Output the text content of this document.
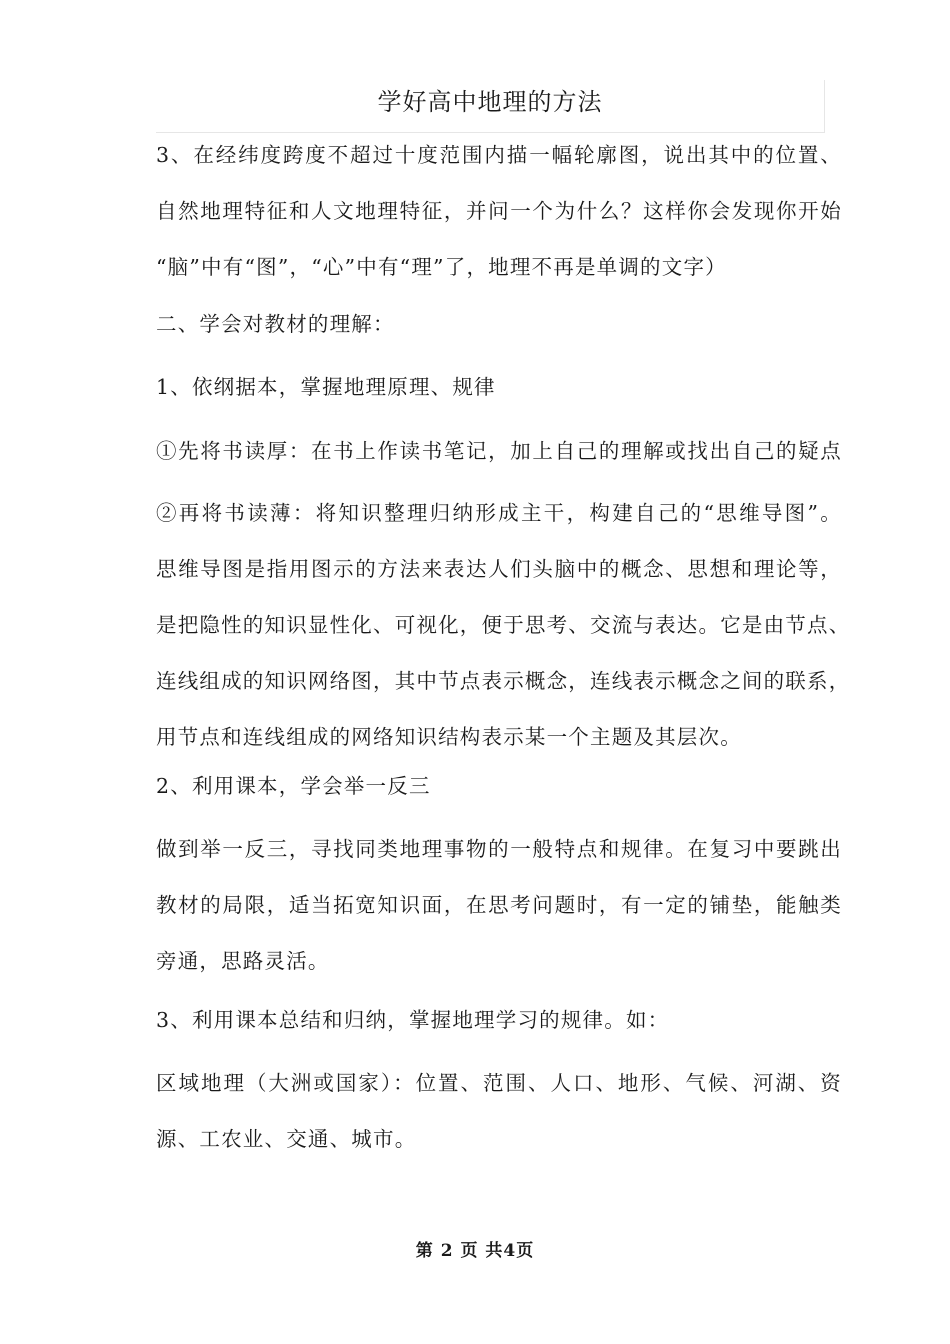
学好高中地理的方法
3、在经纬度跨度不超过十度范围内描一幅轮廓图，说出其中的位置、
自然地理特征和人文地理特征，并问一个为什么？这样你会发现你开始
“脑”中有“图”，“心”中有“理”了，地理不再是单调的文字）
二、学会对教材的理解：
1、依纲据本，掌握地理原理、规律
①先将书读厚：在书上作读书笔记，加上自己的理解或找出自己的疑点
②再将书读薄：将知识整理归纳形成主干，构建自己的“思维导图”。
思维导图是指用图示的方法来表达人们头脑中的概念、思想和理论等，
是把隐性的知识显性化、可视化，便于思考、交流与表达。它是由节点、
连线组成的知识网络图，其中节点表示概念，连线表示概念之间的联系，
用节点和连线组成的网络知识结构表示某一个主题及其层次。
2、利用课本，学会举一反三
做到举一反三，寻找同类地理事物的一般特点和规律。在复习中要跳出
教材的局限，适当拓宽知识面，在思考问题时，有一定的铺垫，能触类
旁通，思路灵活。
3、利用课本总结和归纳，掌握地理学习的规律。如：
区域地理（大洲或国家）：位置、范围、人口、地形、气候、河湖、资
源、工农业、交通、城市。
第 2 页 共4页
